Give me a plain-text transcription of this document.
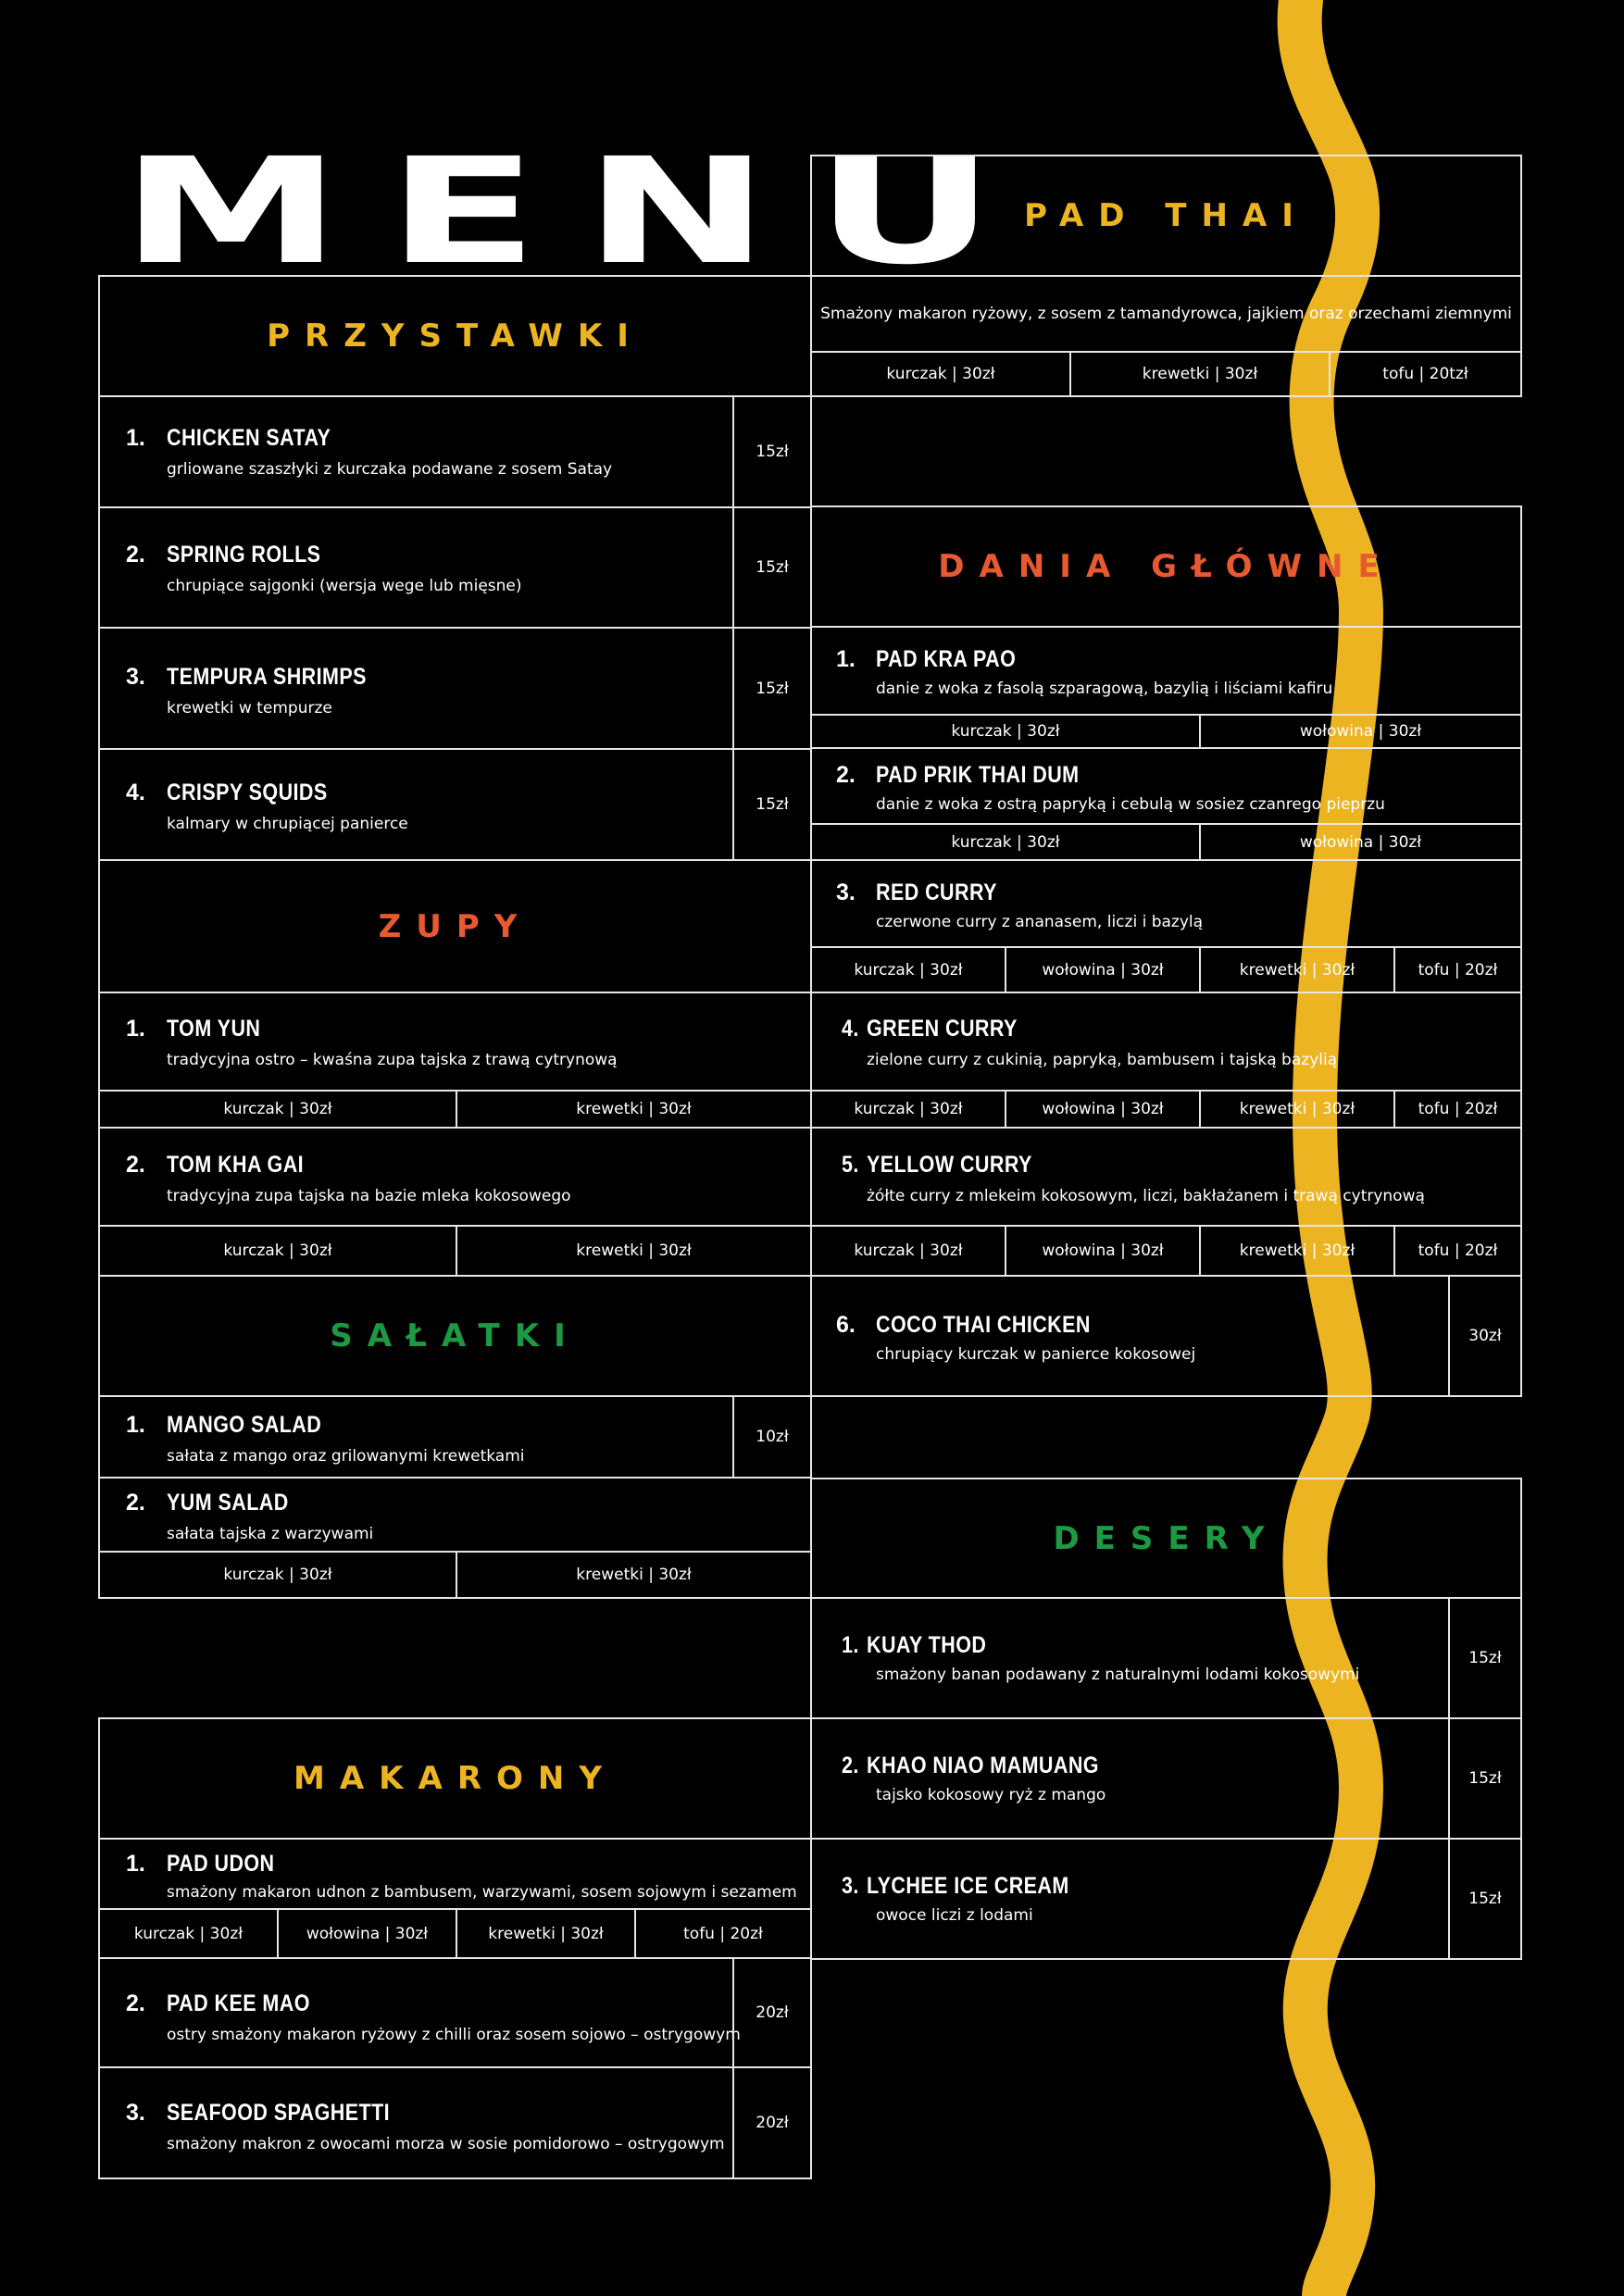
MENU
PRZYSTAWKI
1. CHICKEN SATAY
grliowane szaszłyki z kurczaka podawane z sosem Satay
15zł
2. SPRING ROLLS
chrupiące sajgonki (wersja wege lub mięsne)
15zł
3. TEMPURA SHRIMPS
krewetki w tempurze
15zł
4. CRISPY SQUIDS
kalmary w chrupiącej panierce
15zł
ZUPY
1. TOM YUN
tradycyjna ostro – kwaśna zupa tajska z trawą cytrynową
kurczak | 30zł	krewetki | 30zł
2. TOM KHA GAI
tradycyjna zupa tajska na bazie mleka kokosowego
kurczak | 30zł	krewetki | 30zł
SAŁATKI
1. MANGO SALAD
sałata z mango oraz grilowanymi krewetkami
10zł
2. YUM SALAD
sałata tajska z warzywami
kurczak | 30zł	krewetki | 30zł
MAKARONY
1. PAD UDON
smażony makaron udnon z bambusem, warzywami, sosem sojowym i sezamem
kurczak | 30zł	wołowina | 30zł	krewetki | 30zł	tofu | 20zł
2. PAD KEE MAO
ostry smażony makaron ryżowy z chilli oraz sosem sojowo – ostrygowym
20zł
3. SEAFOOD SPAGHETTI
smażony makron z owocami morza w sosie pomidorowo – ostrygowym
20zł
PAD THAI
Smażony makaron ryżowy, z sosem z tamandyrowca, jajkiem oraz orzechami ziemnymi
kurczak | 30zł	krewetki | 30zł	tofu | 20tzł
DANIA GŁÓWNE
1. PAD KRA PAO
danie z woka z fasolą szparagową, bazylią i liściami kafiru
kurczak | 30zł	wołowina | 30zł
2. PAD PRIK THAI DUM
danie z woka z ostrą papryką i cebulą w sosiez czanrego pieprzu
kurczak | 30zł	wołowina | 30zł
3. RED CURRY
czerwone curry z ananasem, liczi i bazylą
kurczak | 30zł	wołowina | 30zł	krewetki | 30zł	tofu | 20zł
4. GREEN CURRY
zielone curry z cukinią, papryką, bambusem i tajską bazylią
kurczak | 30zł	wołowina | 30zł	krewetki | 30zł	tofu | 20zł
5. YELLOW CURRY
żółte curry z mlekeim kokosowym, liczi, bakłażanem i trawą cytrynową
kurczak | 30zł	wołowina | 30zł	krewetki | 30zł	tofu | 20zł
6. COCO THAI CHICKEN
chrupiący kurczak w panierce kokosowej
30zł
DESERY
1. KUAY THOD
smażony banan podawany z naturalnymi lodami kokosowymi
15zł
2. KHAO NIAO MAMUANG
tajsko kokosowy ryż z mango
15zł
3. LYCHEE ICE CREAM
owoce liczi z lodami
15zł
